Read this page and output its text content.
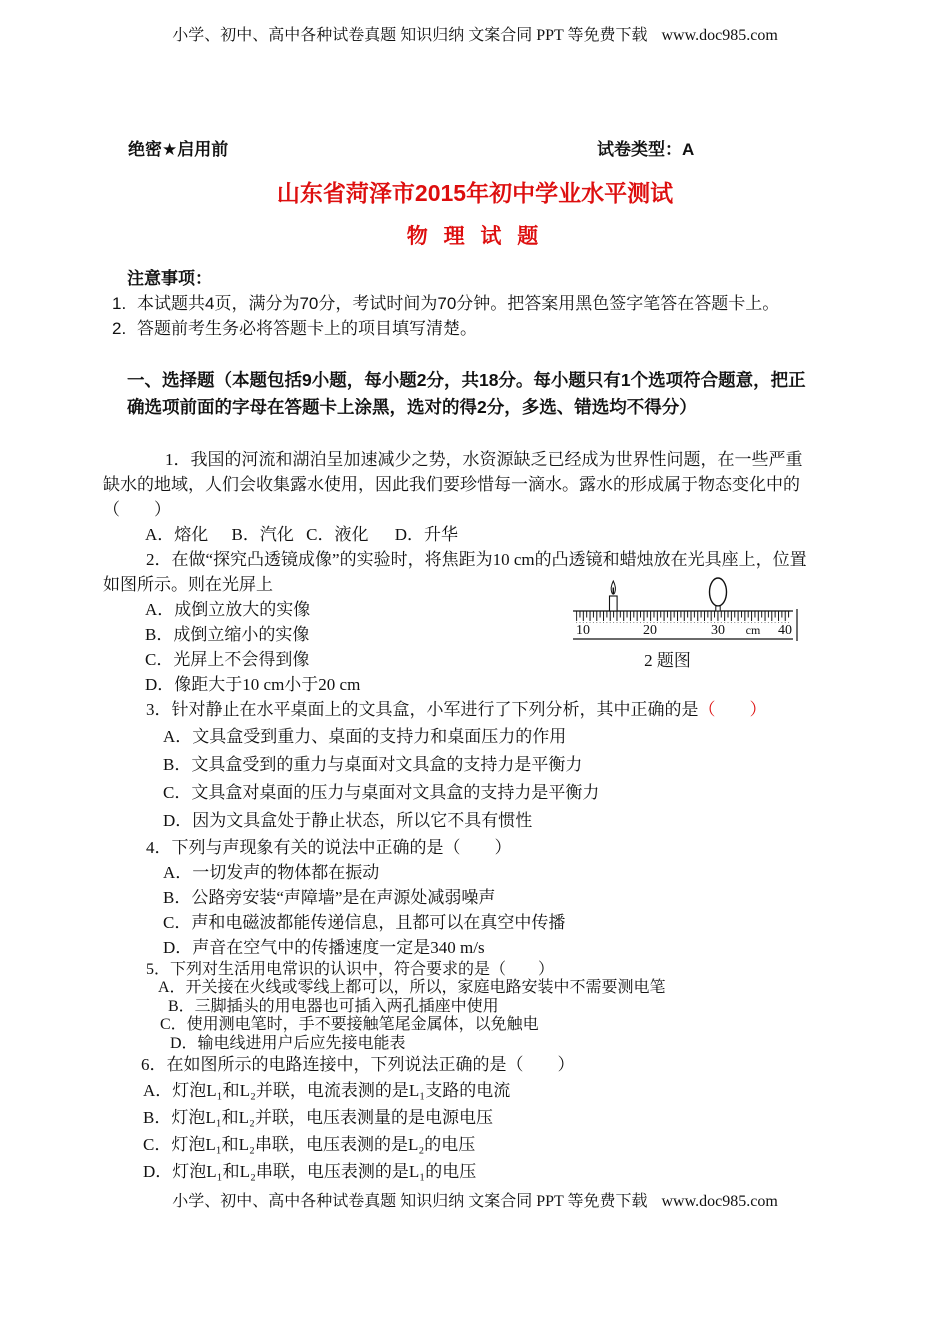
小学、初中、高中各种试卷真题 知识归纳 文案合同 PPT 等免费下载 www.doc985.com
绝密★启用前	试卷类型：A
山东省菏泽市2015年初中学业水平测试
物 理 试 题
注意事项：
1. 本试题共4页，满分为70分，考试时间为70分钟。把答案用黑色签字笔答在答题卡上。
2. 答题前考生务必将答题卡上的项目填写清楚。

一、选择题（本题包括9小题，每小题2分，共18分。每小题只有1个选项符合题意，把正确选项前面的字母在答题卡上涂黑，选对的得2分，多选、错选均不得分）

1．我国的河流和湖泊呈加速减少之势，水资源缺乏已经成为世界性问题，在一些严重缺水的地域，人们会收集露水使用，因此我们要珍惜每一滴水。露水的形成属于物态变化中的（　　）

A．熔化 B．汽化 C．液化 D．升华

2．在做“探究凸透镜成像”的实验时，将焦距为10 cm的凸透镜和蜡烛放在光具座上，位置如图所示。则在光屏上

10	20	30 cm 40
2 题图
A．成倒立放大的实像
B．成倒立缩小的实像
C．光屏上不会得到像
D．像距大于10 cm小于20 cm

3．针对静止在水平桌面上的文具盒，小军进行了下列分析，其中正确的是（　　）

A．文具盒受到重力、桌面的支持力和桌面压力的作用
B．文具盒受到的重力与桌面对文具盒的支持力是平衡力
C．文具盒对桌面的压力与桌面对文具盒的支持力是平衡力
D．因为文具盒处于静止状态，所以它不具有惯性

4．下列与声现象有关的说法中正确的是（　　）

A．一切发声的物体都在振动
B．公路旁安装“声障墙”是在声源处减弱噪声
C．声和电磁波都能传递信息，且都可以在真空中传播
D．声音在空气中的传播速度一定是340 m/s

5．下列对生活用电常识的认识中，符合要求的是（　　）

A．开关接在火线或零线上都可以，所以，家庭电路安装中不需要测电笔
B．三脚插头的用电器也可插入两孔插座中使用
C．使用测电笔时，手不要接触笔尾金属体，以免触电
D．输电线进用户后应先接电能表

6．在如图所示的电路连接中，下列说法正确的是（　　）

A．灯泡L₁和L₂并联，电流表测的是L₁支路的电流
B．灯泡L₁和L₂并联，电压表测量的是电源电压
C．灯泡L₁和L₂串联，电压表测的是L₂的电压
D．灯泡L₁和L₂串联，电压表测的是L₁的电压
小学、初中、高中各种试卷真题 知识归纳 文案合同 PPT 等免费下载 www.doc985.com
